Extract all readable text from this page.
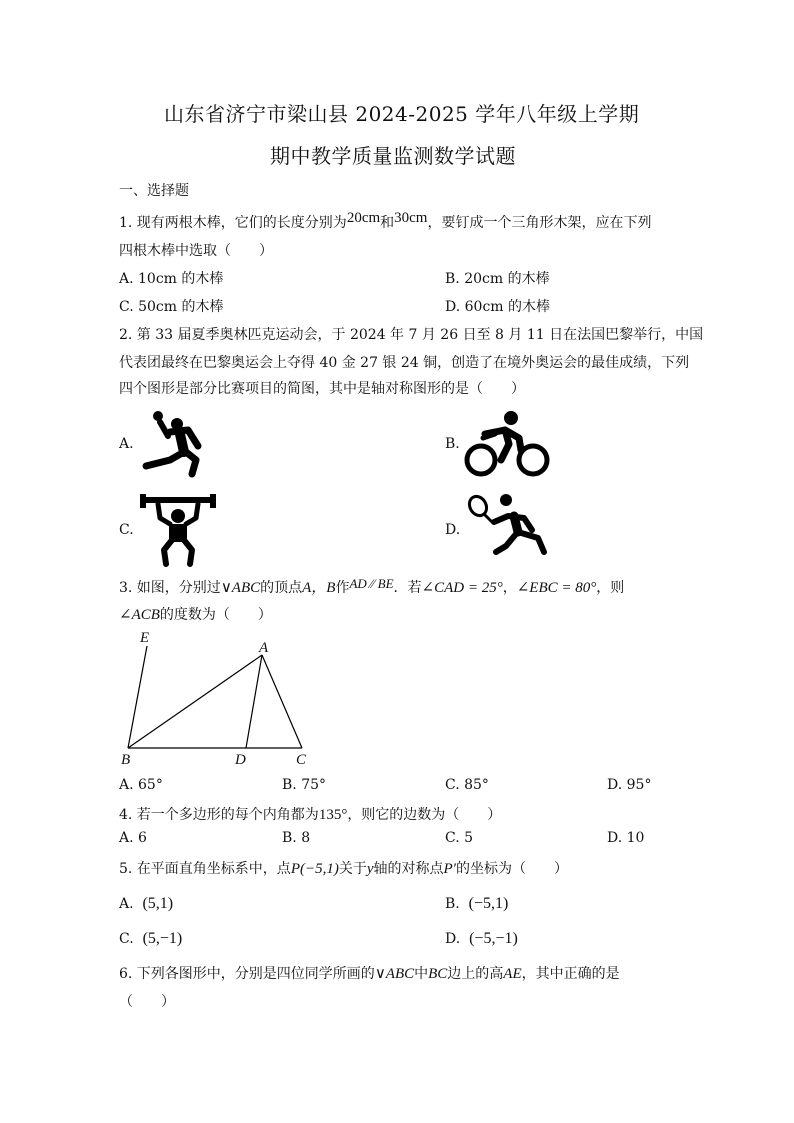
山东省济宁市梁山县 2024-2025 学年八年级上学期
期中教学质量监测数学试题
一、选择题
1. 现有两根木棒，它们的长度分别为20cm和30cm，要钉成一个三角形木架，应在下列
四根木棒中选取（　　）
A. 10cm 的木棒	B. 20cm 的木棒
C. 50cm 的木棒	D. 60cm 的木棒
2. 第 33 届夏季奥林匹克运动会，于 2024 年 7 月 26 日至 8 月 11 日在法国巴黎举行，中国
代表团最终在巴黎奥运会上夺得 40 金 27 银 24 铜，创造了在境外奥运会的最佳成绩，下列
四个图形是部分比赛项目的简图，其中是轴对称图形的是（　　）
A.	B.
C.	D.
3. 如图，分别过∨ABC的顶点A，B作AD ⁄⁄ BE．若∠CAD = 25°，∠EBC = 80°，则
∠ACB的度数为（　　）
E
A
B	D	C
A. 65°	B. 75°	C. 85°	D. 95°
4. 若一个多边形的每个内角都为135°，则它的边数为（　　）
A. 6	B. 8	C. 5	D. 10
5. 在平面直角坐标系中，点P(−5,1)关于y轴的对称点P′的坐标为（　　）
A. (5,1)	B. (−5,1)
C. (5,−1)	D. (−5,−1)
6. 下列各图形中，分别是四位同学所画的∨ABC中BC边上的高AE，其中正确的是
（　　）
